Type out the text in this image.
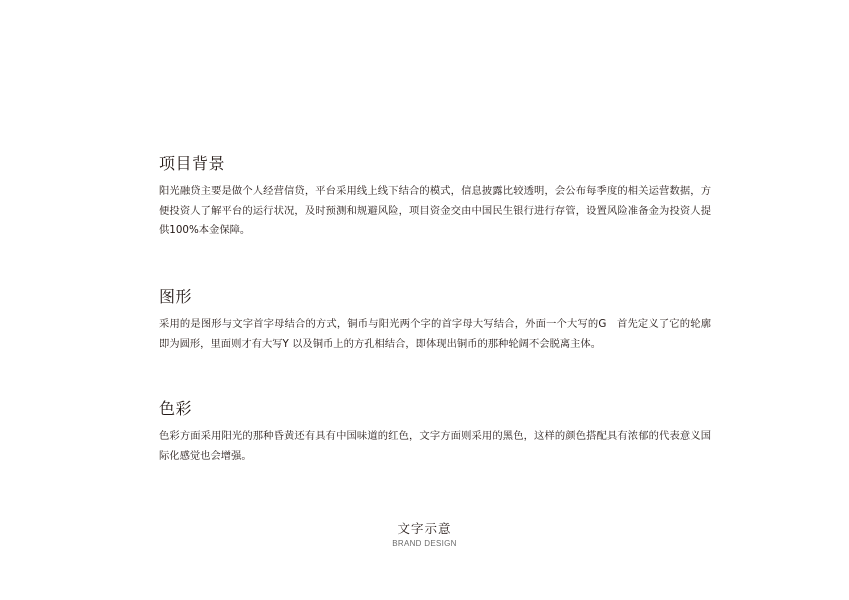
项目背景

阳光融贷主要是做个人经营信贷，平台采用线上线下结合的模式，信息披露比较透明，会公布每季度的相关运营数据，方便投资人了解平台的运行状况，及时预测和规避风险，项目资金交由中国民生银行进行存管，设置风险准备金为投资人提供100%本金保障。

图形

采用的是图形与文字首字母结合的方式，铜币与阳光两个字的首字母大写结合，外面一个大写的G　首先定义了它的轮廓即为圆形，里面则才有大写Y 以及铜币上的方孔相结合，即体现出铜币的那种轮阔不会脱离主体。

色彩

色彩方面采用阳光的那种昏黄还有具有中国味道的红色，文字方面则采用的黑色，这样的颜色搭配具有浓郁的代表意义国际化感觉也会增强。

文字示意
BRAND DESIGN
